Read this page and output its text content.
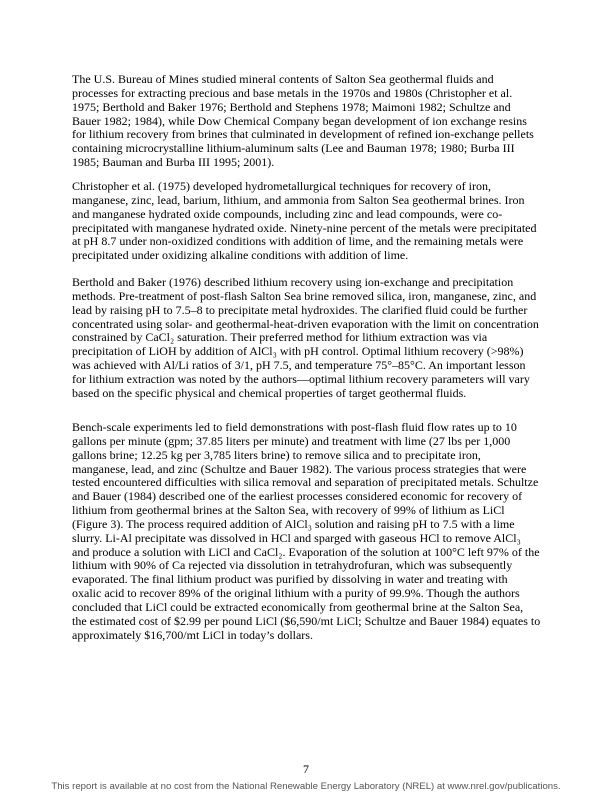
The U.S. Bureau of Mines studied mineral contents of Salton Sea geothermal fluids and
processes for extracting precious and base metals in the 1970s and 1980s (Christopher et al.
1975; Berthold and Baker 1976; Berthold and Stephens 1978; Maimoni 1982; Schultze and
Bauer 1982; 1984), while Dow Chemical Company began development of ion exchange resins
for lithium recovery from brines that culminated in development of refined ion-exchange pellets
containing microcrystalline lithium-aluminum salts (Lee and Bauman 1978; 1980; Burba III
1985; Bauman and Burba III 1995; 2001).
Christopher et al. (1975) developed hydrometallurgical techniques for recovery of iron,
manganese, zinc, lead, barium, lithium, and ammonia from Salton Sea geothermal brines. Iron
and manganese hydrated oxide compounds, including zinc and lead compounds, were co-
precipitated with manganese hydrated oxide. Ninety-nine percent of the metals were precipitated
at pH 8.7 under non-oxidized conditions with addition of lime, and the remaining metals were
precipitated under oxidizing alkaline conditions with addition of lime.
Berthold and Baker (1976) described lithium recovery using ion-exchange and precipitation
methods. Pre-treatment of post-flash Salton Sea brine removed silica, iron, manganese, zinc, and
lead by raising pH to 7.5–8 to precipitate metal hydroxides. The clarified fluid could be further
concentrated using solar- and geothermal-heat-driven evaporation with the limit on concentration
constrained by CaCl₂ saturation. Their preferred method for lithium extraction was via
precipitation of LiOH by addition of AlCl₃ with pH control. Optimal lithium recovery (>98%)
was achieved with Al/Li ratios of 3/1, pH 7.5, and temperature 75°–85°C. An important lesson
for lithium extraction was noted by the authors—optimal lithium recovery parameters will vary
based on the specific physical and chemical properties of target geothermal fluids.
Bench-scale experiments led to field demonstrations with post-flash fluid flow rates up to 10
gallons per minute (gpm; 37.85 liters per minute) and treatment with lime (27 lbs per 1,000
gallons brine; 12.25 kg per 3,785 liters brine) to remove silica and to precipitate iron,
manganese, lead, and zinc (Schultze and Bauer 1982). The various process strategies that were
tested encountered difficulties with silica removal and separation of precipitated metals. Schultze
and Bauer (1984) described one of the earliest processes considered economic for recovery of
lithium from geothermal brines at the Salton Sea, with recovery of 99% of lithium as LiCl
(Figure 3). The process required addition of AlCl₃ solution and raising pH to 7.5 with a lime
slurry. Li-Al precipitate was dissolved in HCl and sparged with gaseous HCl to remove AlCl₃
and produce a solution with LiCl and CaCl₂. Evaporation of the solution at 100°C left 97% of the
lithium with 90% of Ca rejected via dissolution in tetrahydrofuran, which was subsequently
evaporated. The final lithium product was purified by dissolving in water and treating with
oxalic acid to recover 89% of the original lithium with a purity of 99.9%. Though the authors
concluded that LiCl could be extracted economically from geothermal brine at the Salton Sea,
the estimated cost of $2.99 per pound LiCl ($6,590/mt LiCl; Schultze and Bauer 1984) equates to
approximately $16,700/mt LiCl in today’s dollars.
7
This report is available at no cost from the National Renewable Energy Laboratory (NREL) at www.nrel.gov/publications.
